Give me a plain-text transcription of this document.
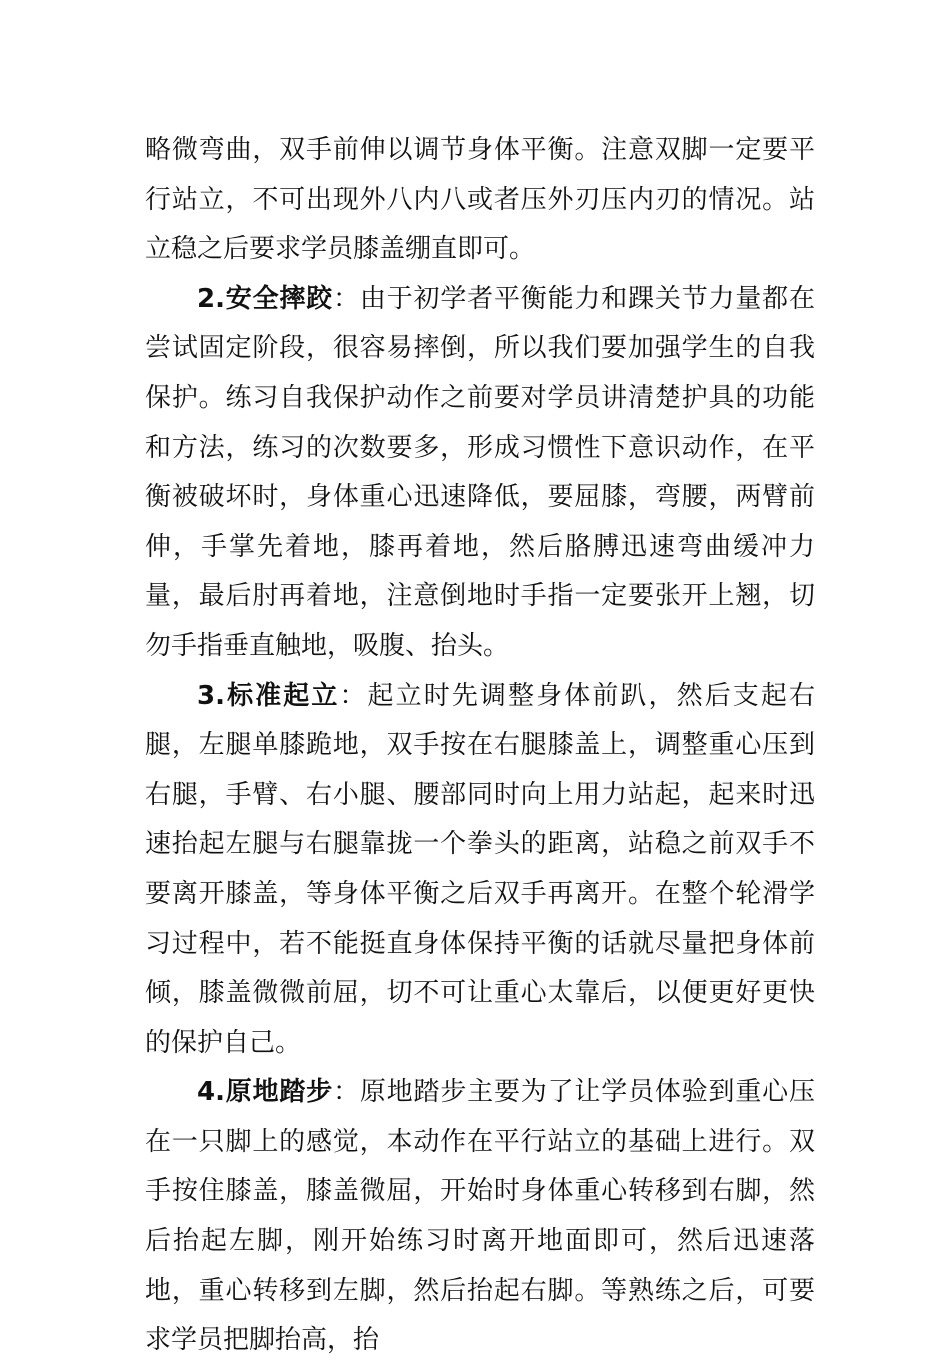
略微弯曲，双手前伸以调节身体平衡。注意双脚一定要平行站立，不可出现外八内八或者压外刃压内刃的情况。站立稳之后要求学员膝盖绷直即可。

2.安全摔跤：由于初学者平衡能力和踝关节力量都在尝试固定阶段，很容易摔倒，所以我们要加强学生的自我保护。练习自我保护动作之前要对学员讲清楚护具的功能和方法，练习的次数要多，形成习惯性下意识动作，在平衡被破坏时，身体重心迅速降低，要屈膝，弯腰，两臂前伸，手掌先着地，膝再着地，然后胳膊迅速弯曲缓冲力量，最后肘再着地，注意倒地时手指一定要张开上翘，切勿手指垂直触地，吸腹、抬头。

3.标准起立：起立时先调整身体前趴，然后支起右腿，左腿单膝跪地，双手按在右腿膝盖上，调整重心压到右腿，手臂、右小腿、腰部同时向上用力站起，起来时迅速抬起左腿与右腿靠拢一个拳头的距离，站稳之前双手不要离开膝盖，等身体平衡之后双手再离开。在整个轮滑学习过程中，若不能挺直身体保持平衡的话就尽量把身体前倾，膝盖微微前屈，切不可让重心太靠后，以便更好更快的保护自己。

4.原地踏步：原地踏步主要为了让学员体验到重心压在一只脚上的感觉，本动作在平行站立的基础上进行。双手按住膝盖，膝盖微屈，开始时身体重心转移到右脚，然后抬起左脚，刚开始练习时离开地面即可，然后迅速落地，重心转移到左脚，然后抬起右脚。等熟练之后，可要求学员把脚抬高，抬
